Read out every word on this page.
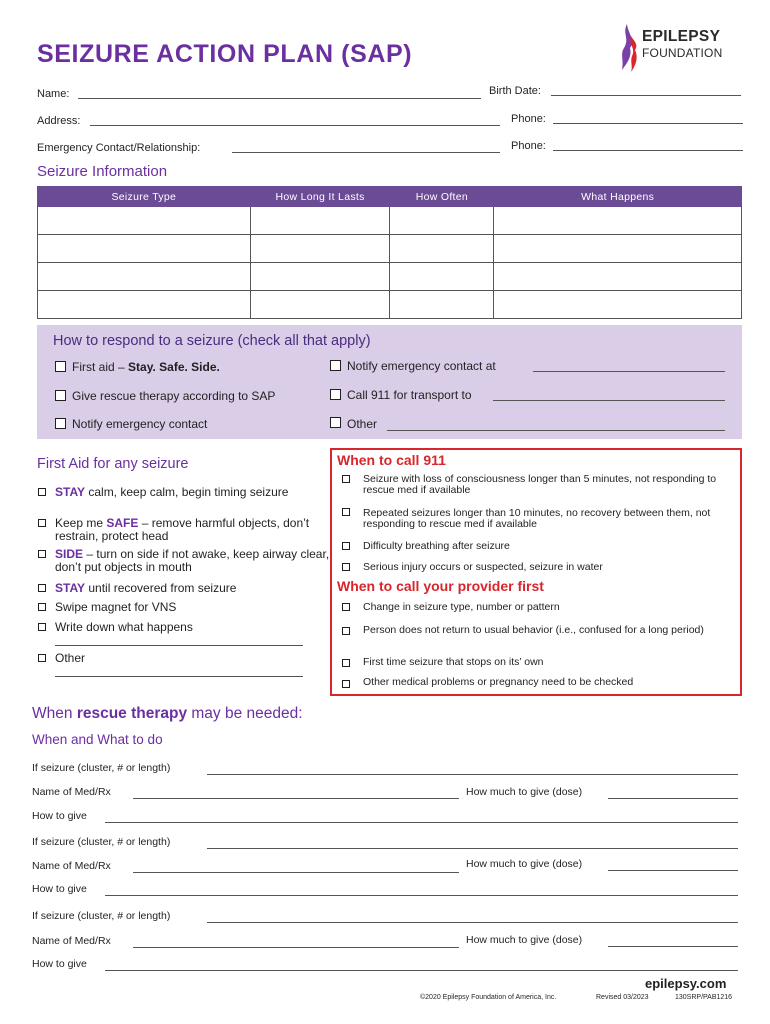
SEIZURE ACTION PLAN (SAP)
EPILEPSY
FOUNDATION
Name:	Birth Date:
Address:	Phone:
Emergency Contact/Relationship:	Phone:
Seizure Information
Seizure Type	How Long It Lasts	How Often	What Happens

How to respond to a seizure (check all that apply)
First aid – Stay. Safe. Side.
Give rescue therapy according to SAP
Notify emergency contact
Notify emergency contact at
Call 911 for transport to
Other
First Aid for any seizure
STAY calm, keep calm, begin timing seizure
Keep me SAFE – remove harmful objects, don’t restrain, protect head
SIDE – turn on side if not awake, keep airway clear, don’t put objects in mouth
STAY until recovered from seizure
Swipe magnet for VNS
Write down what happens
Other
When to call 911
Seizure with loss of consciousness longer than 5 minutes, not responding to rescue med if available
Repeated seizures longer than 10 minutes, no recovery between them, not responding to rescue med if available
Difficulty breathing after seizure
Serious injury occurs or suspected, seizure in water
When to call your provider first
Change in seizure type, number or pattern
Person does not return to usual behavior (i.e., confused for a long period)
First time seizure that stops on its’ own
Other medical problems or pregnancy need to be checked
When rescue therapy may be needed:
When and What to do
If seizure (cluster, # or length)
Name of Med/Rx	How much to give (dose)
How to give
If seizure (cluster, # or length)
Name of Med/Rx	How much to give (dose)
How to give
If seizure (cluster, # or length)
Name of Med/Rx	How much to give (dose)
How to give
epilepsy.com
©2020 Epilepsy Foundation of America, Inc.	Revised 03/2023	130SRP/PAB1216
